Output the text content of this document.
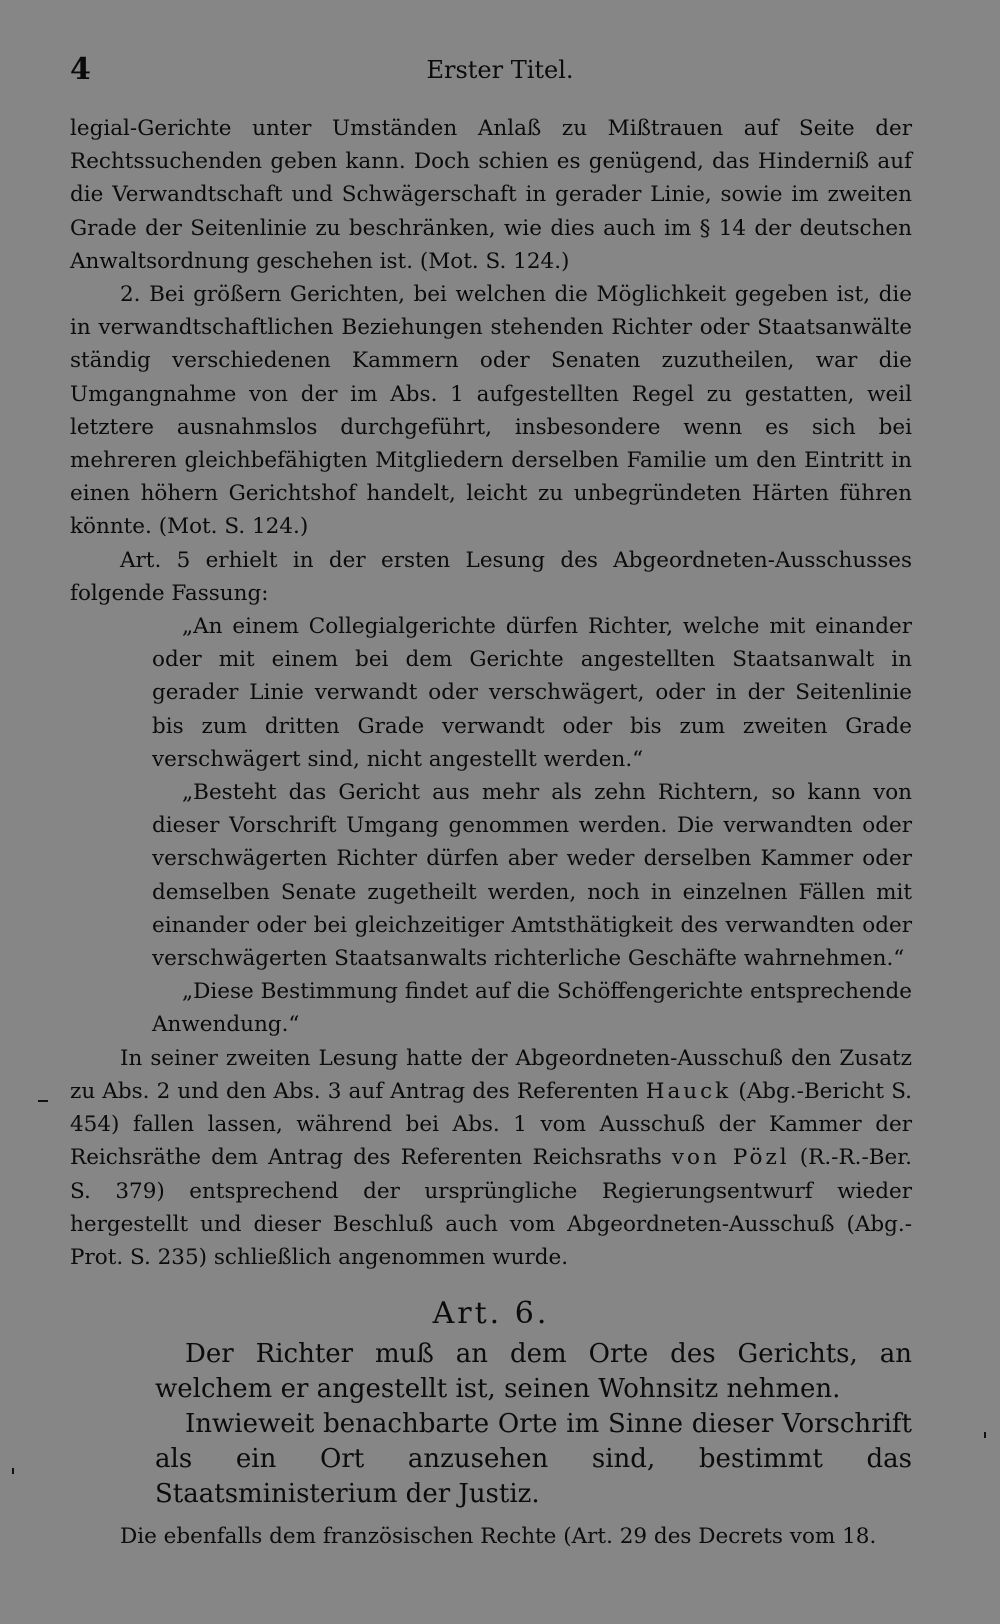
4	Erster Titel.

legial-Gerichte unter Umständen Anlaß zu Mißtrauen auf Seite der Rechtssuchenden geben kann. Doch schien es genügend, das Hinderniß auf die Verwandtschaft und Schwägerschaft in gerader Linie, sowie im zweiten Grade der Seitenlinie zu beschränken, wie dies auch im § 14 der deutschen Anwaltsordnung geschehen ist. (Mot. S. 124.)

2. Bei größern Gerichten, bei welchen die Möglichkeit gegeben ist, die in verwandtschaftlichen Beziehungen stehenden Richter oder Staatsanwälte ständig verschiedenen Kammern oder Senaten zuzutheilen, war die Umgangnahme von der im Abs. 1 aufgestellten Regel zu gestatten, weil letztere ausnahmslos durchgeführt, insbesondere wenn es sich bei mehreren gleichbefähigten Mitgliedern derselben Familie um den Eintritt in einen höhern Gerichtshof handelt, leicht zu unbegründeten Härten führen könnte. (Mot. S. 124.)

Art. 5 erhielt in der ersten Lesung des Abgeordneten-Ausschusses folgende Fassung:

„An einem Collegialgerichte dürfen Richter, welche mit einander oder mit einem bei dem Gerichte angestellten Staatsanwalt in gerader Linie verwandt oder verschwägert, oder in der Seitenlinie bis zum dritten Grade verwandt oder bis zum zweiten Grade verschwägert sind, nicht angestellt werden.“

„Besteht das Gericht aus mehr als zehn Richtern, so kann von dieser Vorschrift Umgang genommen werden. Die verwandten oder verschwägerten Richter dürfen aber weder derselben Kammer oder demselben Senate zugetheilt werden, noch in einzelnen Fällen mit einander oder bei gleichzeitiger Amtsthätigkeit des verwandten oder verschwägerten Staatsanwalts richterliche Geschäfte wahrnehmen.“

„Diese Bestimmung findet auf die Schöffengerichte entsprechende Anwendung.“

In seiner zweiten Lesung hatte der Abgeordneten-Ausschuß den Zusatz zu Abs. 2 und den Abs. 3 auf Antrag des Referenten Hauck (Abg.-Bericht S. 454) fallen lassen, während bei Abs. 1 vom Ausschuß der Kammer der Reichsräthe dem Antrag des Referenten Reichsraths von Pözl (R.-R.-Ber. S. 379) entsprechend der ursprüngliche Regierungsentwurf wieder hergestellt und dieser Beschluß auch vom Abgeordneten-Ausschuß (Abg.-Prot. S. 235) schließlich angenommen wurde.

Art. 6.

Der Richter muß an dem Orte des Gerichts, an welchem er angestellt ist, seinen Wohnsitz nehmen.

Inwieweit benachbarte Orte im Sinne dieser Vorschrift als ein Ort anzusehen sind, bestimmt das Staatsministerium der Justiz.

Die ebenfalls dem französischen Rechte (Art. 29 des Decrets vom 18.
